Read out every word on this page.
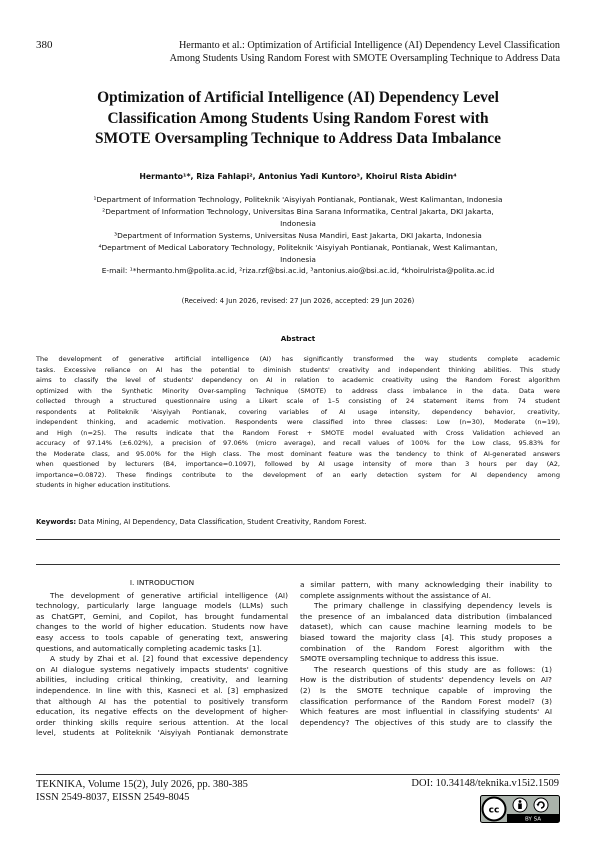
380	Hermanto et al.: Optimization of Artificial Intelligence (AI) Dependency Level Classification
Among Students Using Random Forest with SMOTE Oversampling Technique to Address Data
Optimization of Artificial Intelligence (AI) Dependency Level
Classification Among Students Using Random Forest with
SMOTE Oversampling Technique to Address Data Imbalance
Hermanto¹*, Riza Fahlapi², Antonius Yadi Kuntoro³, Khoirul Rista Abidin⁴
¹Department of Information Technology, Politeknik 'Aisyiyah Pontianak, Pontianak, West Kalimantan, Indonesia
²Department of Information Technology, Universitas Bina Sarana Informatika, Central Jakarta, DKI Jakarta,
Indonesia
³Department of Information Systems, Universitas Nusa Mandiri, East Jakarta, DKI Jakarta, Indonesia
⁴Department of Medical Laboratory Technology, Politeknik 'Aisyiyah Pontianak, Pontianak, West Kalimantan,
Indonesia
E-mail: ¹*hermanto.hm@polita.ac.id, ²riza.rzf@bsi.ac.id, ³antonius.aio@bsi.ac.id, ⁴khoirulrista@polita.ac.id
(Received: 4 Jun 2026, revised: 27 Jun 2026, accepted: 29 Jun 2026)
Abstract
The development of generative artificial intelligence (AI) has significantly transformed the way students complete academic
tasks. Excessive reliance on AI has the potential to diminish students' creativity and independent thinking abilities. This study
aims to classify the level of students' dependency on AI in relation to academic creativity using the Random Forest algorithm
optimized with the Synthetic Minority Over-sampling Technique (SMOTE) to address class imbalance in the data. Data were
collected through a structured questionnaire using a Likert scale of 1–5 consisting of 24 statement items from 74 student
respondents at Politeknik 'Aisyiyah Pontianak, covering variables of AI usage intensity, dependency behavior, creativity,
independent thinking, and academic motivation. Respondents were classified into three classes: Low (n=30), Moderate (n=19),
and High (n=25). The results indicate that the Random Forest + SMOTE model evaluated with Cross Validation achieved an
accuracy of 97.14% (±6.02%), a precision of 97.06% (micro average), and recall values of 100% for the Low class, 95.83% for
the Moderate class, and 95.00% for the High class. The most dominant feature was the tendency to think of AI-generated answers
when questioned by lecturers (B4, importance=0.1097), followed by AI usage intensity of more than 3 hours per day (A2,
importance=0.0872). These findings contribute to the development of an early detection system for AI dependency among
students in higher education institutions.
Keywords: Data Mining, AI Dependency, Data Classification, Student Creativity, Random Forest.
I. INTRODUCTION
The development of generative artificial intelligence (AI)
technology, particularly large language models (LLMs) such
as ChatGPT, Gemini, and Copilot, has brought fundamental
changes to the world of higher education. Students now have
easy access to tools capable of generating text, answering
questions, and automatically completing academic tasks [1].
A study by Zhai et al. [2] found that excessive dependency
on AI dialogue systems negatively impacts students' cognitive
abilities, including critical thinking, creativity, and learning
independence. In line with this, Kasneci et al. [3] emphasized
that although AI has the potential to positively transform
education, its negative effects on the development of higher-
order thinking skills require serious attention. At the local
level, students at Politeknik 'Aisyiyah Pontianak demonstrate
a similar pattern, with many acknowledging their inability to
complete assignments without the assistance of AI.
The primary challenge in classifying dependency levels is
the presence of an imbalanced data distribution (imbalanced
dataset), which can cause machine learning models to be
biased toward the majority class [4]. This study proposes a
combination of the Random Forest algorithm with the
SMOTE oversampling technique to address this issue.
The research questions of this study are as follows: (1)
How is the distribution of students' dependency levels on AI?
(2) Is the SMOTE technique capable of improving the
classification performance of the Random Forest model? (3)
Which features are most influential in classifying students' AI
dependency? The objectives of this study are to classify the
TEKNIKA, Volume 15(2), July 2026, pp. 380-385
ISSN 2549-8037, EISSN 2549-8045
DOI: 10.34148/teknika.v15i2.1509
cc
BY SA
